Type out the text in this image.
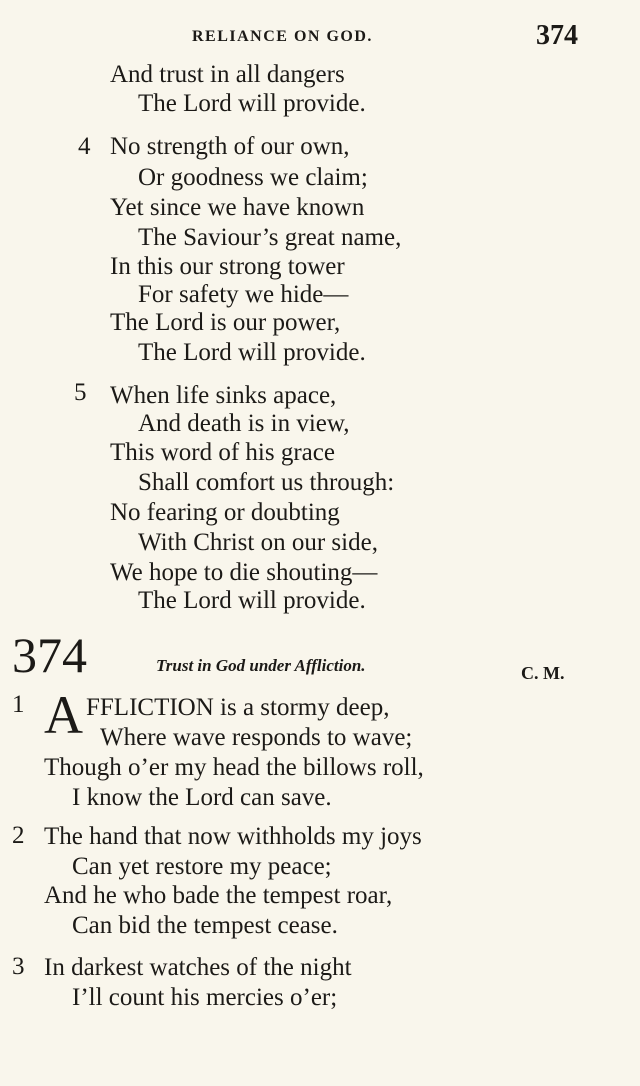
RELIANCE ON GOD.	374
And trust in all dangers
The Lord will provide.
4 No strength of our own,
Or goodness we claim;
Yet since we have known
The Saviour’s great name,
In this our strong tower
For safety we hide—
The Lord is our power,
The Lord will provide.
5 When life sinks apace,
And death is in view,
This word of his grace
Shall comfort us through:
No fearing or doubting
With Christ on our side,
We hope to die shouting—
The Lord will provide.
374	Trust in God under Affliction.	C. M.
1 A FFLICTION is a stormy deep,
Where wave responds to wave;
Though o’er my head the billows roll,
I know the Lord can save.
2 The hand that now withholds my joys
Can yet restore my peace;
And he who bade the tempest roar,
Can bid the tempest cease.
3 In darkest watches of the night
I’ll count his mercies o’er;
